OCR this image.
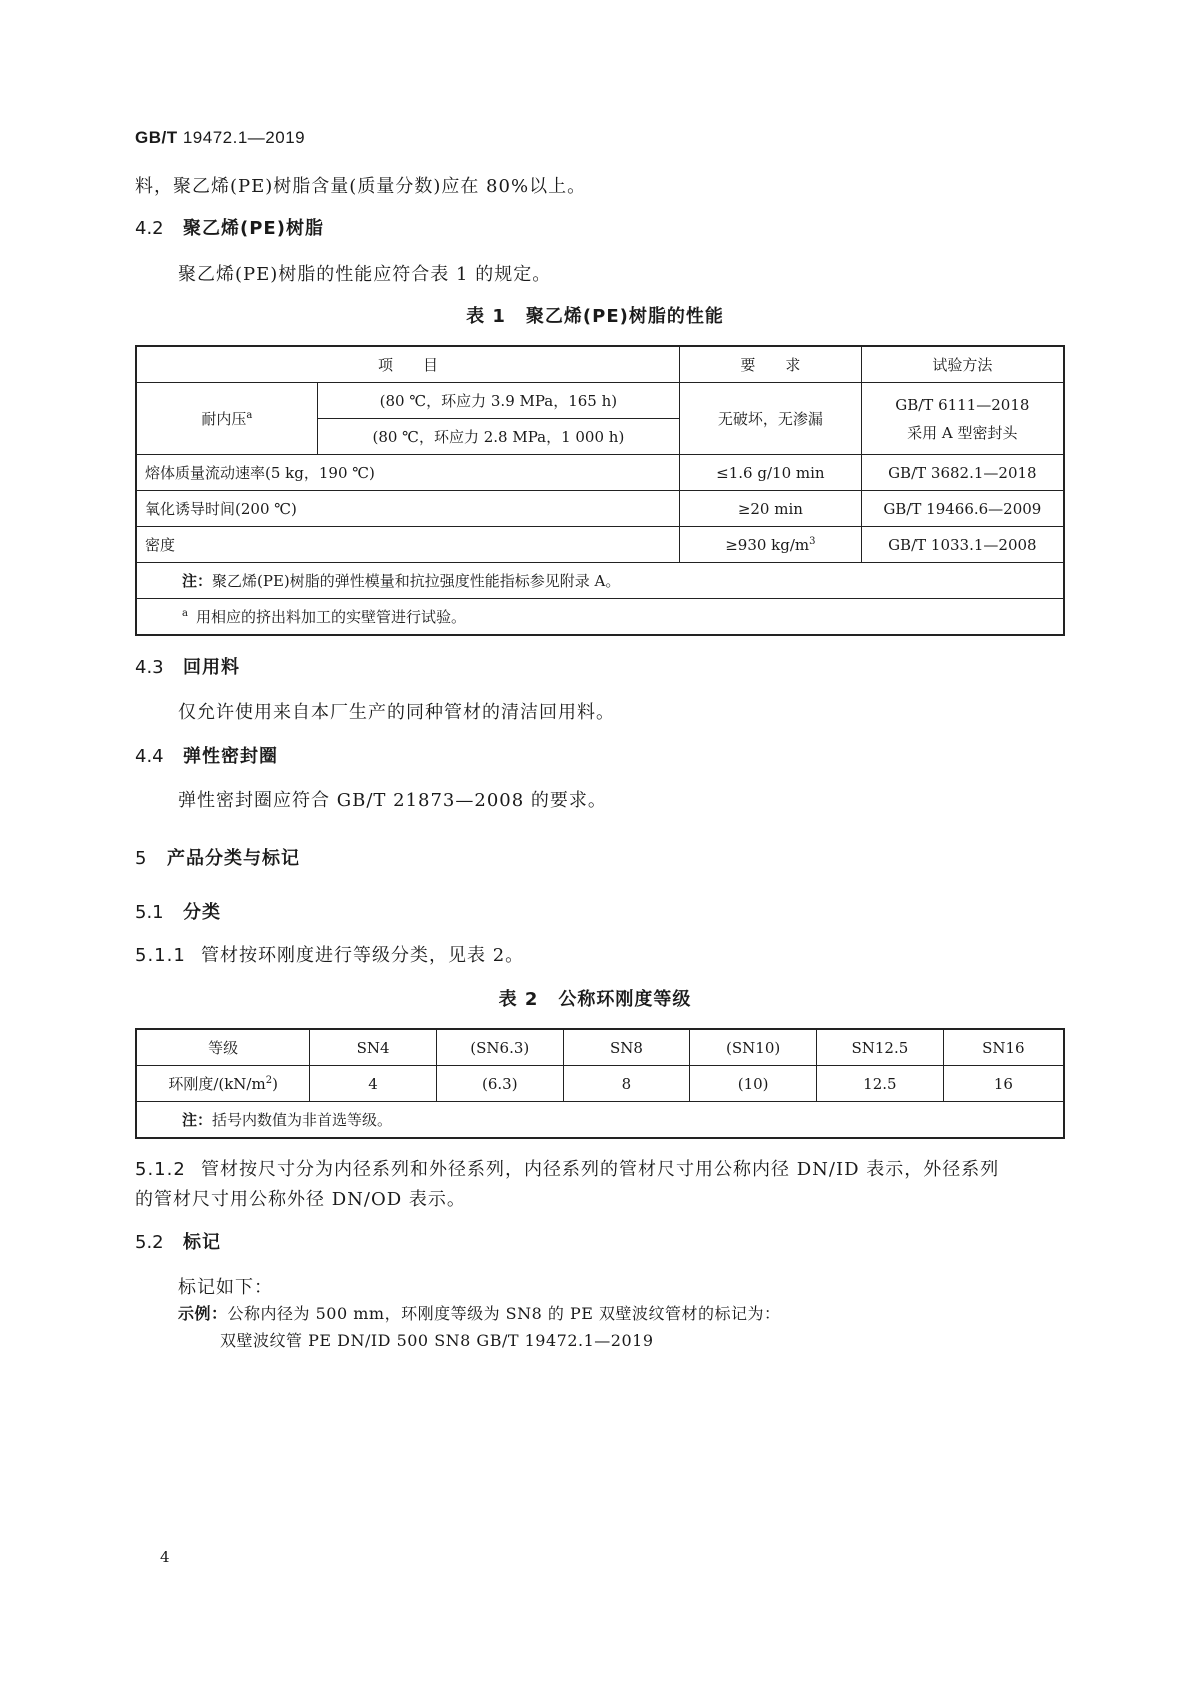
GB/T 19472.1—2019
料，聚乙烯(PE)树脂含量(质量分数)应在 80%以上。
4.2 聚乙烯(PE)树脂
聚乙烯(PE)树脂的性能应符合表 1 的规定。
表 1 聚乙烯(PE)树脂的性能
项　　目		要　　求	试验方法
耐内压$^a$	(80 ℃，环应力 3.9 MPa，165 h)	无破坏，无渗漏	GB/T 6111—2018
采用 A 型密封头
	(80 ℃，环应力 2.8 MPa，1 000 h)		
熔体质量流动速率(5 kg，190 ℃)		≤1.6 g/10 min	GB/T 3682.1—2018
氧化诱导时间(200 ℃)		≥20 min	GB/T 19466.6—2009
密度		≥930 $kg/m^3$	GB/T 1033.1—2008
注：聚乙烯(PE)树脂的弹性模量和抗拉强度性能指标参见附录 A。			
$^a$ 用相应的挤出料加工的实壁管进行试验。			
4.3 回用料
仅允许使用来自本厂生产的同种管材的清洁回用料。
4.4 弹性密封圈
弹性密封圈应符合 GB/T 21873—2008 的要求。
5 产品分类与标记
5.1 分类
5.1.1 管材按环刚度进行等级分类，见表 2。
表 2 公称环刚度等级
等级	SN4	(SN6.3)	SN8	(SN10)	SN12.5	SN16
环刚度$/(kN/m^2)$	4	(6.3)	8	(10)	12.5	16
注：括号内数值为非首选等级。						
5.1.2 管材按尺寸分为内径系列和外径系列，内径系列的管材尺寸用公称内径 DN/ID 表示，外径系列
的管材尺寸用公称外径 DN/OD 表示。
5.2 标记
标记如下：
示例：公称内径为 500 mm，环刚度等级为 SN8 的 PE 双壁波纹管材的标记为：
双壁波纹管 PE DN/ID 500 SN8 GB/T 19472.1—2019
4
